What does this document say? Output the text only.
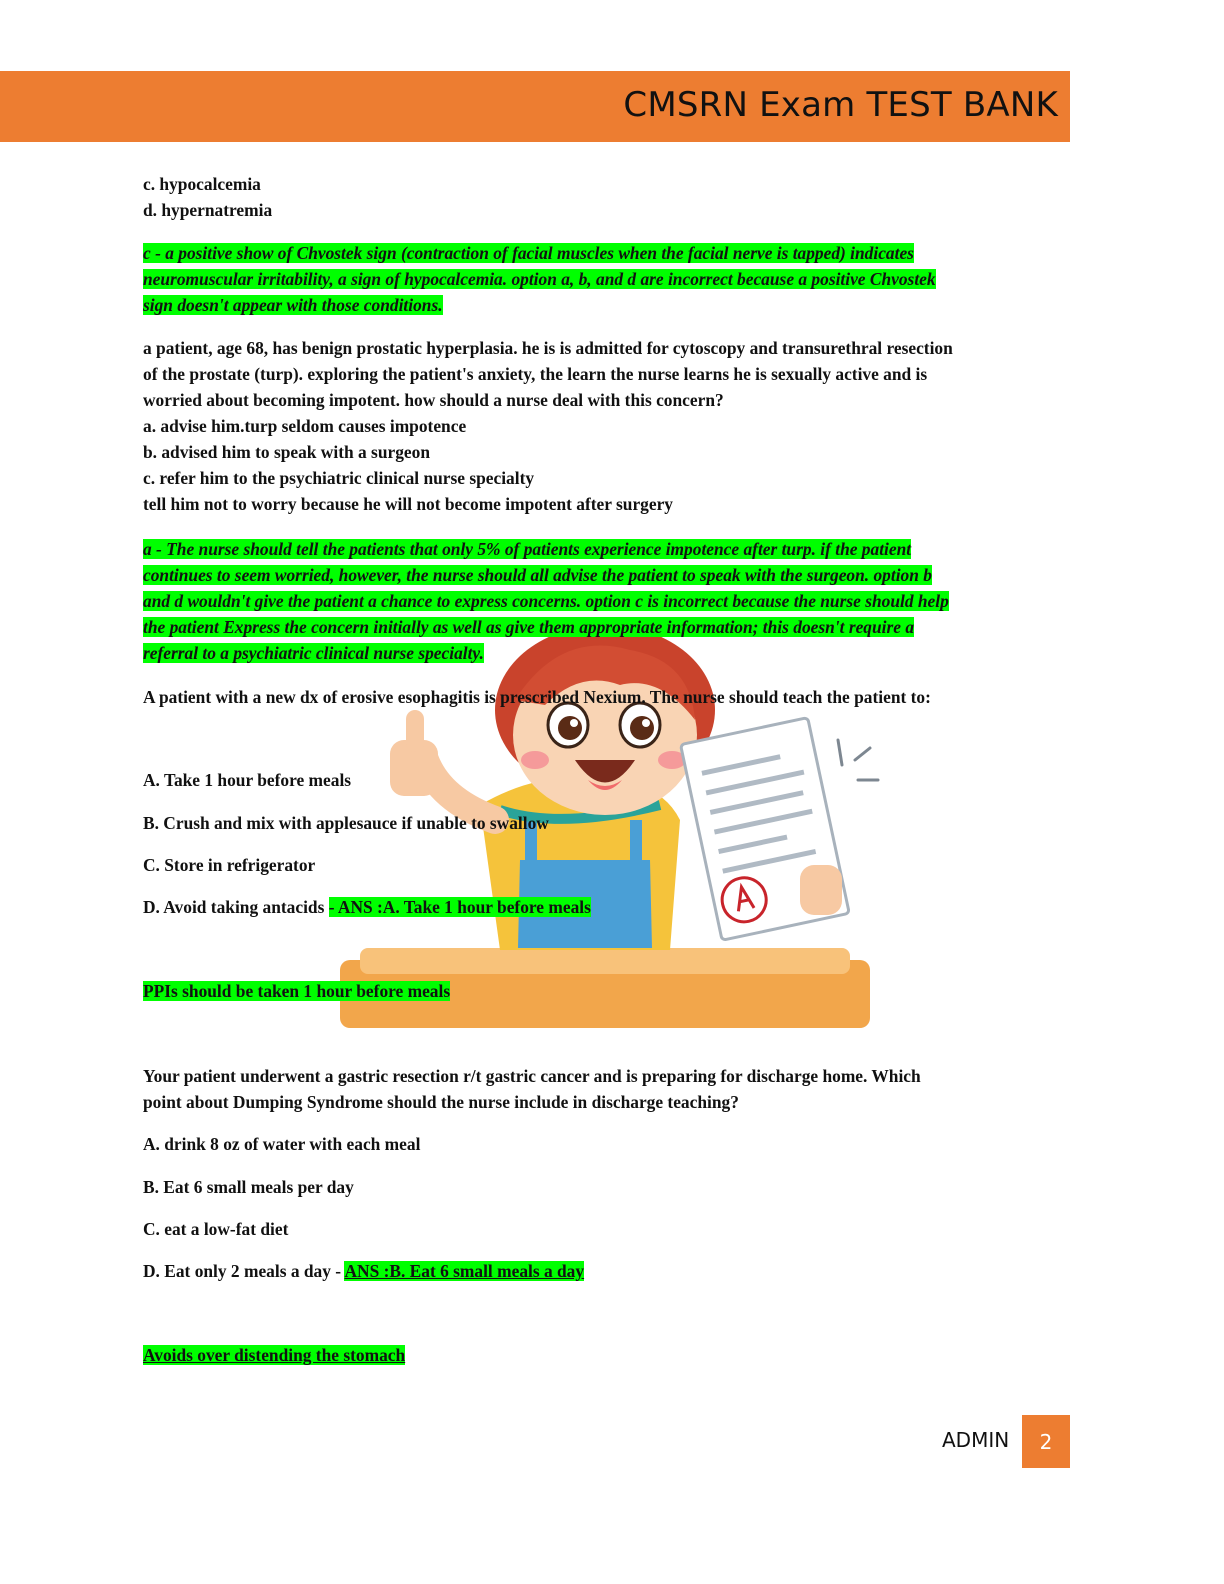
CMSRN Exam TEST BANK

c. hypocalcemia

d. hypernatremia

c - a positive show of Chvostek sign (contraction of facial muscles when the facial nerve is tapped) indicates
neuromuscular irritability, a sign of hypocalcemia. option a, b, and d are incorrect because a positive Chvostek
sign doesn't appear with those conditions.
a patient, age 68, has benign prostatic hyperplasia. he is is admitted for cytoscopy and transurethral resection
of the prostate (turp). exploring the patient's anxiety, the learn the nurse learns he is sexually active and is
worried about becoming impotent. how should a nurse deal with this concern?
a. advise him.turp seldom causes impotence
b. advised him to speak with a surgeon
c. refer him to the psychiatric clinical nurse specialty
tell him not to worry because he will not become impotent after surgery
a - The nurse should tell the patients that only 5% of patients experience impotence after turp. if the patient
continues to seem worried, however, the nurse should all advise the patient to speak with the surgeon. option b
and d wouldn't give the patient a chance to express concerns. option c is incorrect because the nurse should help
the patient Express the concern initially as well as give them appropriate information; this doesn't require a
referral to a psychiatric clinical nurse specialty.

A patient with a new dx of erosive esophagitis is prescribed Nexium. The nurse should teach the patient to:

A. Take 1 hour before meals

B. Crush and mix with applesauce if unable to swallow

C. Store in refrigerator

D. Avoid taking antacids - ANS :A. Take 1 hour before meals

PPIs should be taken 1 hour before meals

Your patient underwent a gastric resection r/t gastric cancer and is preparing for discharge home. Which
point about Dumping Syndrome should the nurse include in discharge teaching?

A. drink 8 oz of water with each meal

B. Eat 6 small meals per day

C. eat a low-fat diet

D. Eat only 2 meals a day - ANS :B. Eat 6 small meals a day

Avoids over distending the stomach

ADMIN 2
